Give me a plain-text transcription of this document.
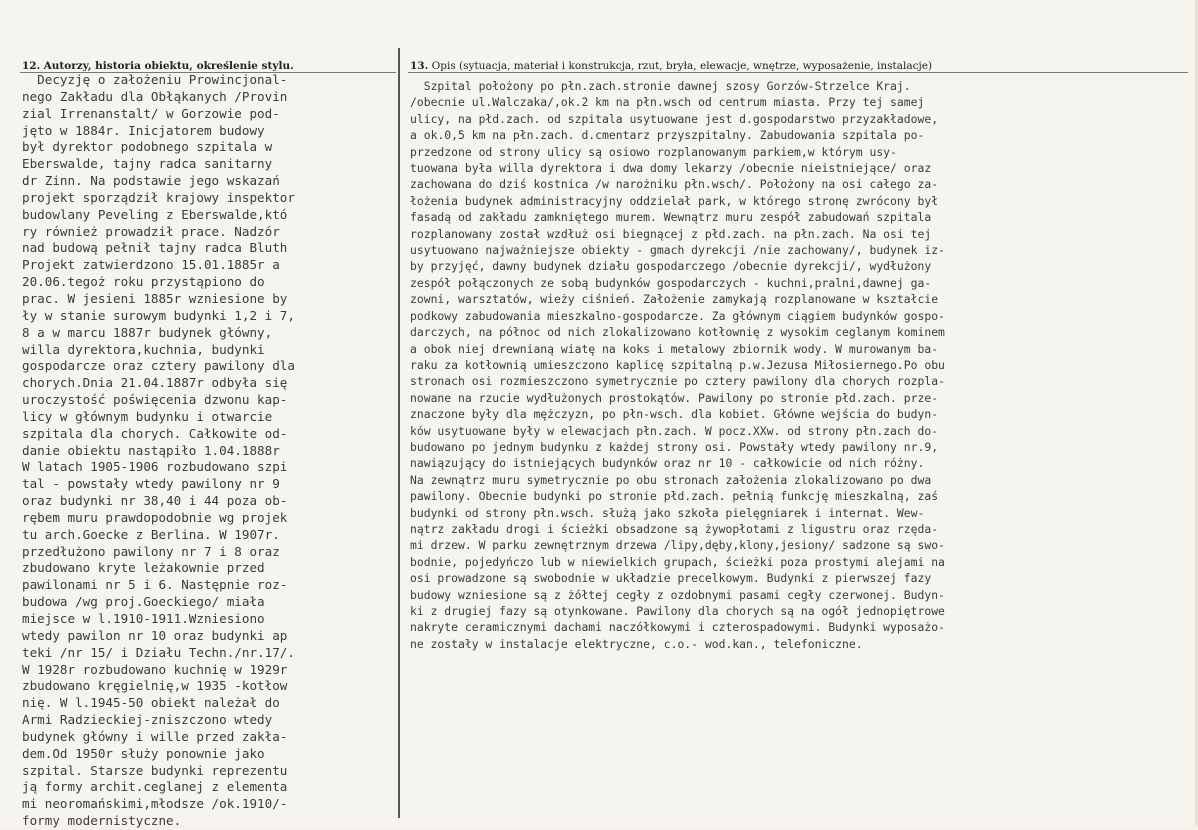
12. Autorzy, historia obiektu, określenie stylu.	13. Opis (sytuacja, materiał i konstrukcja, rzut, bryła, elewacje, wnętrze, wyposażenie, instalacje)
Decyzję o założeniu Prowincjonal-
nego Zakładu dla Obłąkanych /Provin
zial Irrenanstalt/ w Gorzowie pod-
jęto w 1884r. Inicjatorem budowy
był dyrektor podobnego szpitala w
Eberswalde, tajny radca sanitarny
dr Zinn. Na podstawie jego wskazań
projekt sporządził krajowy inspektor
budowlany Peveling z Eberswalde,któ
ry również prowadził prace. Nadzór
nad budową pełnił tajny radca Bluth
Projekt zatwierdzono 15.01.1885r a
20.06.tegoż roku przystąpiono do
prac. W jesieni 1885r wzniesione by
ły w stanie surowym budynki 1,2 i 7,
8 a w marcu 1887r budynek główny,
willa dyrektora,kuchnia, budynki
gospodarcze oraz cztery pawilony dla
chorych.Dnia 21.04.1887r odbyła się
uroczystość poświęcenia dzwonu kap-
licy w głównym budynku i otwarcie
szpitala dla chorych. Całkowite od-
danie obiektu nastąpiło 1.04.1888r
W latach 1905-1906 rozbudowano szpi
tal - powstały wtedy pawilony nr 9
oraz budynki nr 38,40 i 44 poza ob-
rębem muru prawdopodobnie wg projek
tu arch.Goecke z Berlina. W 1907r.
przedłużono pawilony nr 7 i 8 oraz
zbudowano kryte leżakownie przed
pawilonami nr 5 i 6. Następnie roz-
budowa /wg proj.Goeckiego/ miała
miejsce w l.1910-1911.Wzniesiono
wtedy pawilon nr 10 oraz budynki ap
teki /nr 15/ i Działu Techn./nr.17/.
W 1928r rozbudowano kuchnię w 1929r
zbudowano kręgielnię,w 1935 -kotłow
nię. W l.1945-50 obiekt należał do
Armi Radzieckiej-zniszczono wtedy
budynek główny i wille przed zakła-
dem.Od 1950r służy ponownie jako
szpital. Starsze budynki reprezentu
ją formy archit.ceglanej z elementa
mi neoromańskimi,młodsze /ok.1910/-
formy modernistyczne.
Szpital położony po płn.zach.stronie dawnej szosy Gorzów-Strzelce Kraj.
/obecnie ul.Walczaka/,ok.2 km na płn.wsch od centrum miasta. Przy tej samej
ulicy, na płd.zach. od szpitala usytuowane jest d.gospodarstwo przyzakładowe,
a ok.0,5 km na płn.zach. d.cmentarz przyszpitalny. Zabudowania szpitala po-
przedzone od strony ulicy są osiowo rozplanowanym parkiem,w którym usy-
tuowana była willa dyrektora i dwa domy lekarzy /obecnie nieistniejące/ oraz
zachowana do dziś kostnica /w narożniku płn.wsch/. Położony na osi całego za-
łożenia budynek administracyjny oddzielał park, w którego stronę zwrócony był
fasadą od zakładu zamkniętego murem. Wewnątrz muru zespół zabudowań szpitala
rozplanowany został wzdłuż osi biegnącej z płd.zach. na płn.zach. Na osi tej
usytuowano najważniejsze obiekty - gmach dyrekcji /nie zachowany/, budynek iz-
by przyjęć, dawny budynek działu gospodarczego /obecnie dyrekcji/, wydłużony
zespół połączonych ze sobą budynków gospodarczych - kuchni,pralni,dawnej ga-
zowni, warsztatów, wieży ciśnień. Założenie zamykają rozplanowane w kształcie
podkowy zabudowania mieszkalno-gospodarcze. Za głównym ciągiem budynków gospo-
darczych, na północ od nich zlokalizowano kotłownię z wysokim ceglanym kominem
a obok niej drewnianą wiatę na koks i metalowy zbiornik wody. W murowanym ba-
raku za kotłownią umieszczono kaplicę szpitalną p.w.Jezusa Miłosiernego.Po obu
stronach osi rozmieszczono symetrycznie po cztery pawilony dla chorych rozpla-
nowane na rzucie wydłużonych prostokątów. Pawilony po stronie płd.zach. prze-
znaczone były dla mężczyzn, po płn-wsch. dla kobiet. Główne wejścia do budyn-
ków usytuowane były w elewacjach płn.zach. W pocz.XXw. od strony płn.zach do-
budowano po jednym budynku z każdej strony osi. Powstały wtedy pawilony nr.9,
nawiązujący do istniejących budynków oraz nr 10 - całkowicie od nich różny.
Na zewnątrz muru symetrycznie po obu stronach założenia zlokalizowano po dwa
pawilony. Obecnie budynki po stronie płd.zach. pełnią funkcję mieszkalną, zaś
budynki od strony płn.wsch. służą jako szkoła pielęgniarek i internat. Wew-
nątrz zakładu drogi i ścieżki obsadzone są żywopłotami z ligustru oraz rzędа-
mi drzew. W parku zewnętrznym drzewa /lipy,dęby,klony,jesiony/ sadzone są swo-
bodnie, pojedyńczo lub w niewielkich grupach, ścieżki poza prostymi alejami na
osi prowadzone są swobodnie w układzie precelkowym. Budynki z pierwszej fazy
budowy wzniesione są z żółtej cegły z ozdobnymi pasami cegły czerwonej. Budyn-
ki z drugiej fazy są otynkowane. Pawilony dla chorych są na ogół jednopiętrowe
nakryte ceramicznymi dachami naczółkowymi i czterospadowymi. Budynki wyposażo-
ne zostały w instalacje elektryczne, c.o.- wod.kan., telefoniczne.
